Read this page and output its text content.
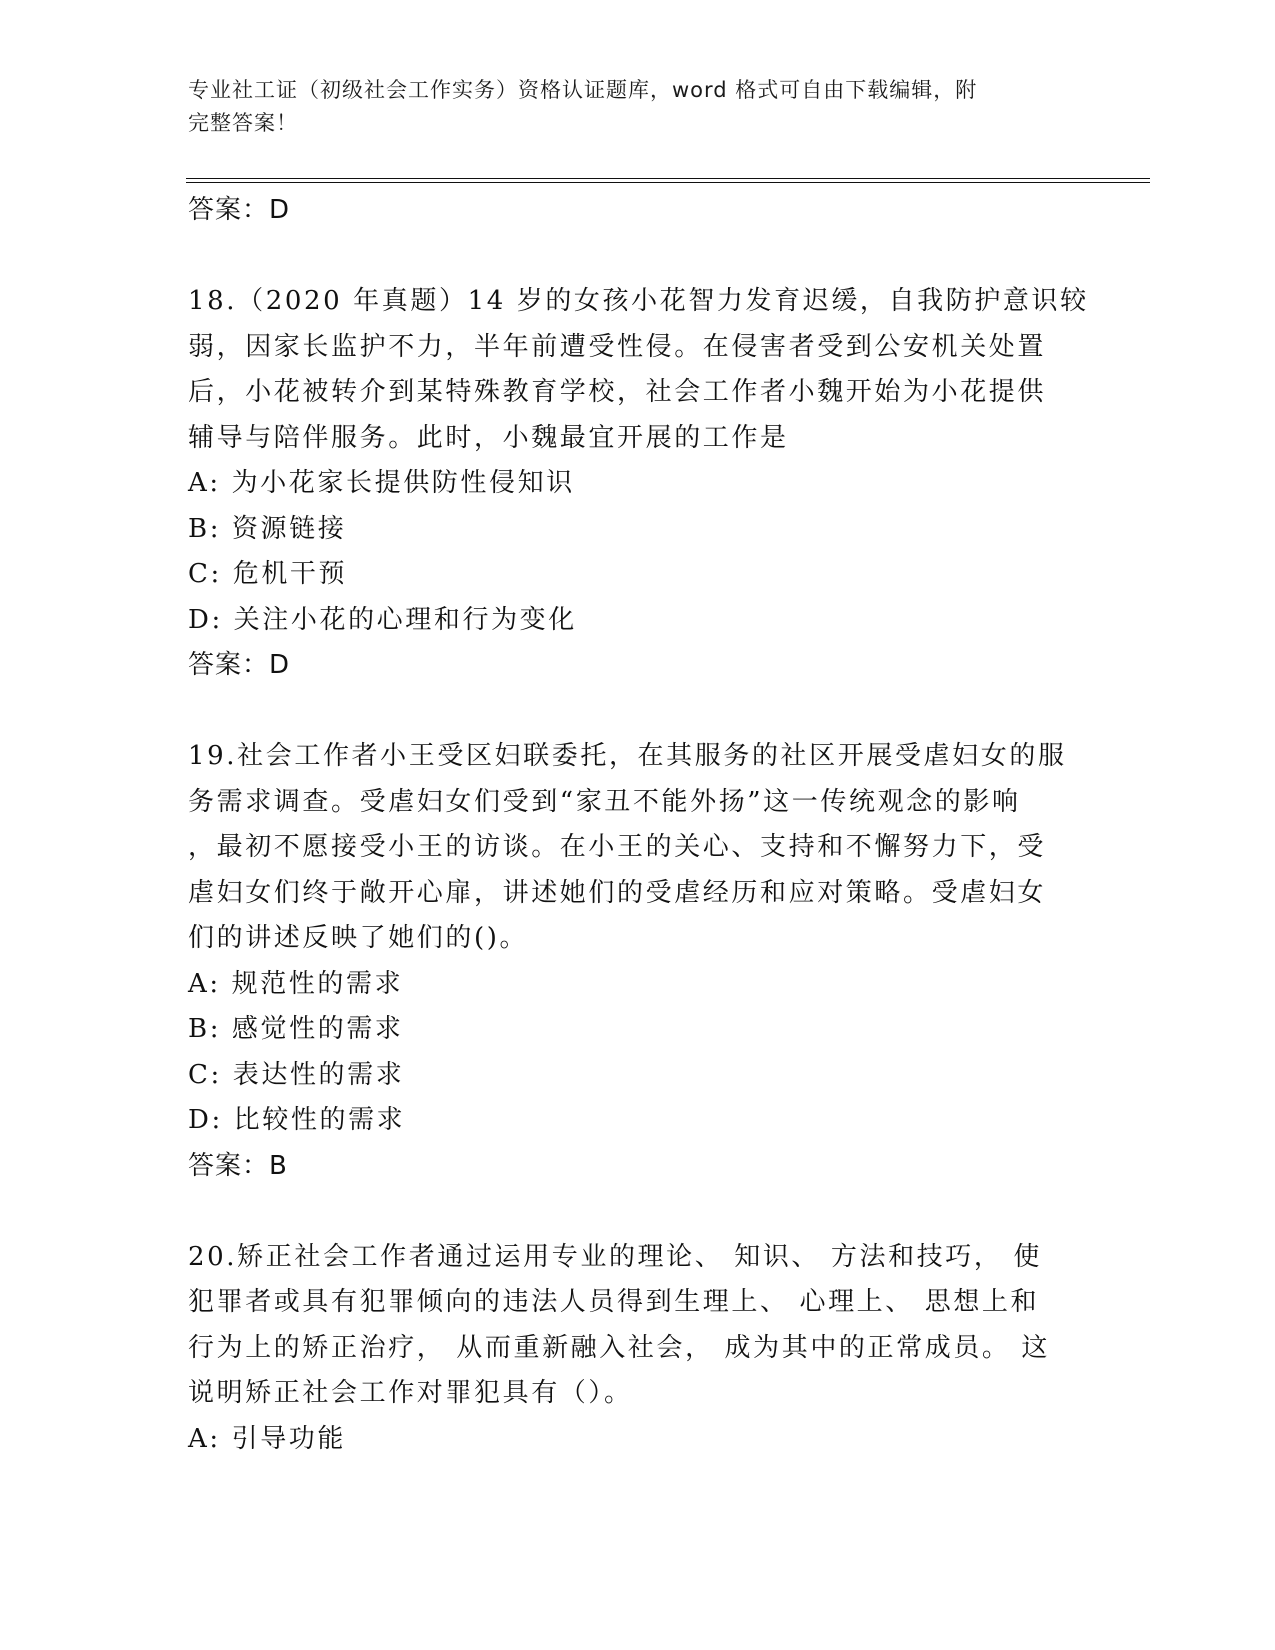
专业社工证（初级社会工作实务）资格认证题库，word 格式可自由下载编辑，附
完整答案！
答案：D
18.（2020 年真题）14 岁的女孩小花智力发育迟缓，自我防护意识较
弱，因家长监护不力，半年前遭受性侵。在侵害者受到公安机关处置
后，小花被转介到某特殊教育学校，社会工作者小魏开始为小花提供
辅导与陪伴服务。此时，小魏最宜开展的工作是
A: 为小花家长提供防性侵知识
B: 资源链接
C: 危机干预
D: 关注小花的心理和行为变化
答案：D
19.社会工作者小王受区妇联委托，在其服务的社区开展受虐妇女的服
务需求调查。受虐妇女们受到“家丑不能外扬”这一传统观念的影响
，最初不愿接受小王的访谈。在小王的关心、支持和不懈努力下，受
虐妇女们终于敞开心扉，讲述她们的受虐经历和应对策略。受虐妇女
们的讲述反映了她们的()。
A: 规范性的需求
B: 感觉性的需求
C: 表达性的需求
D: 比较性的需求
答案：B
20.矫正社会工作者通过运用专业的理论、 知识、 方法和技巧， 使
犯罪者或具有犯罪倾向的违法人员得到生理上、 心理上、 思想上和
行为上的矫正治疗， 从而重新融入社会， 成为其中的正常成员。 这
说明矫正社会工作对罪犯具有（）。
A: 引导功能
